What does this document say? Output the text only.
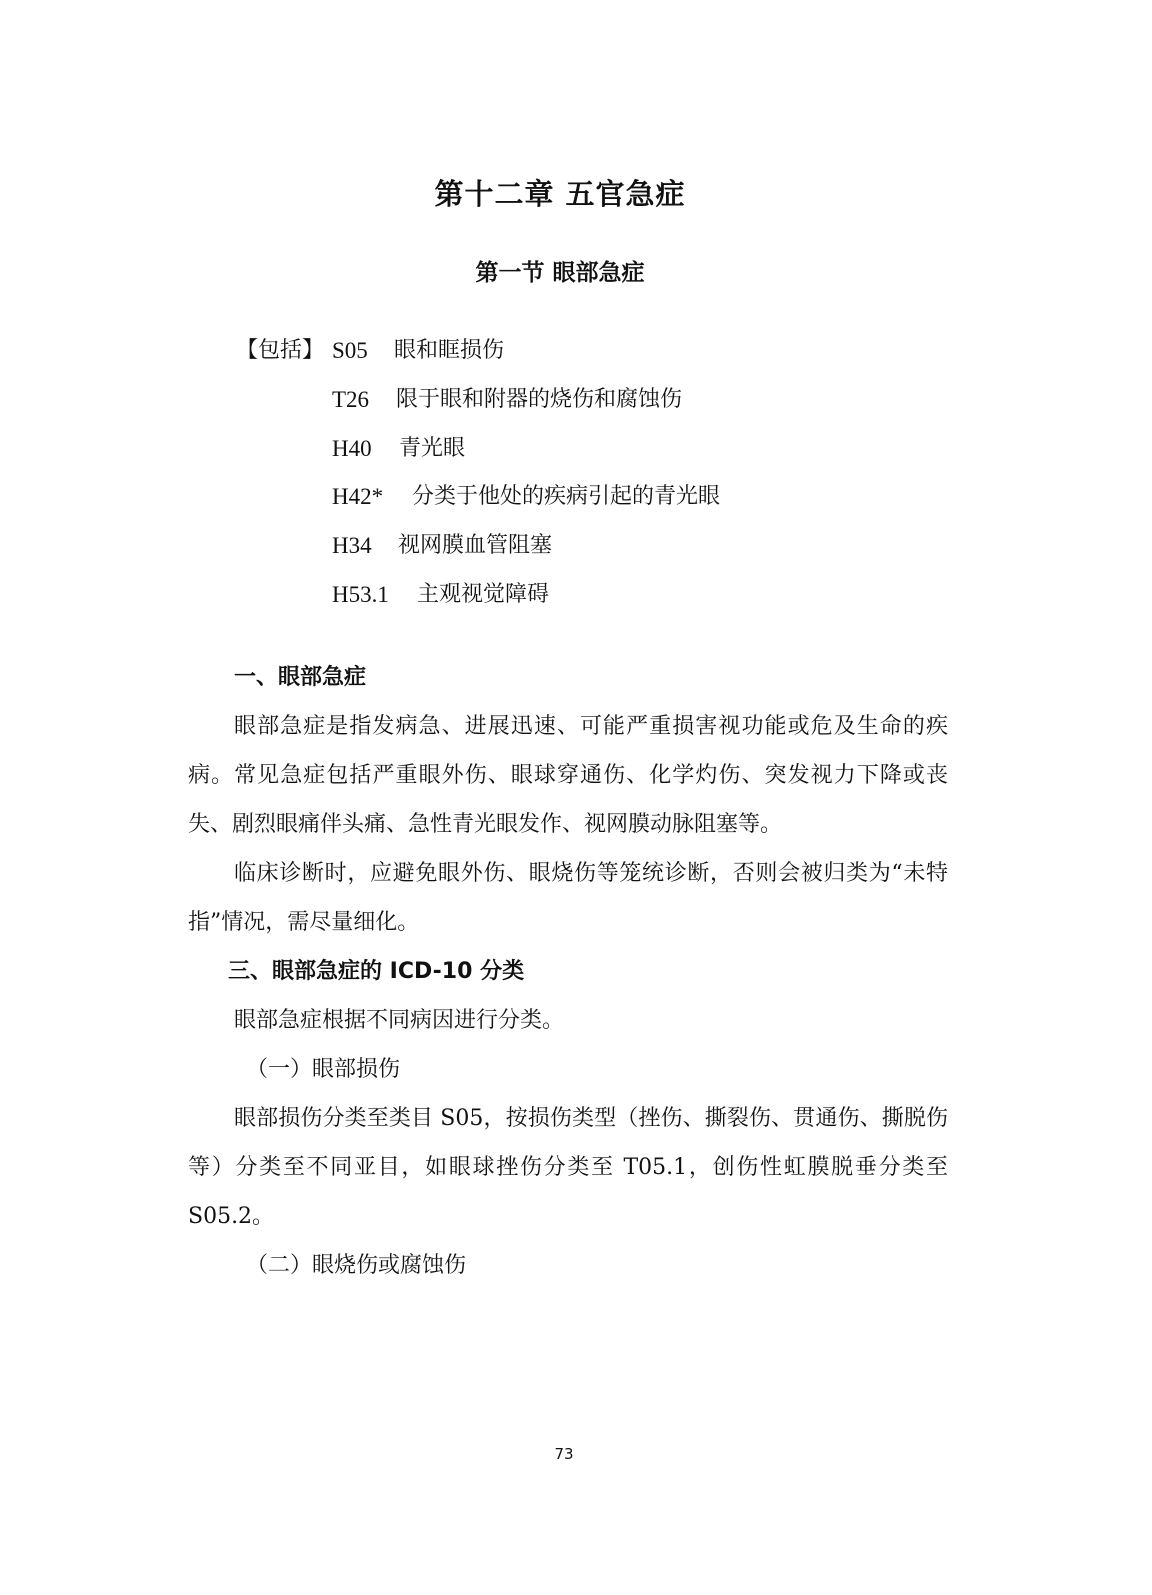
第十二章 五官急症
第一节 眼部急症
【包括】 S05 眼和眶损伤
T26 限于眼和附器的烧伤和腐蚀伤
H40 青光眼
H42* 分类于他处的疾病引起的青光眼
H34 视网膜血管阻塞
H53.1 主观视觉障碍

一、眼部急症

眼部急症是指发病急、进展迅速、可能严重损害视功能或危及生命的疾病。常见急症包括严重眼外伤、眼球穿通伤、化学灼伤、突发视力下降或丧失、剧烈眼痛伴头痛、急性青光眼发作、视网膜动脉阻塞等。

临床诊断时，应避免眼外伤、眼烧伤等笼统诊断，否则会被归类为“未特指”情况，需尽量细化。

三、眼部急症的 ICD-10 分类

眼部急症根据不同病因进行分类。

（一）眼部损伤

眼部损伤分类至类目 S05，按损伤类型（挫伤、撕裂伤、贯通伤、撕脱伤等）分类至不同亚目，如眼球挫伤分类至 T05.1，创伤性虹膜脱垂分类至 S05.2。

（二）眼烧伤或腐蚀伤

73
